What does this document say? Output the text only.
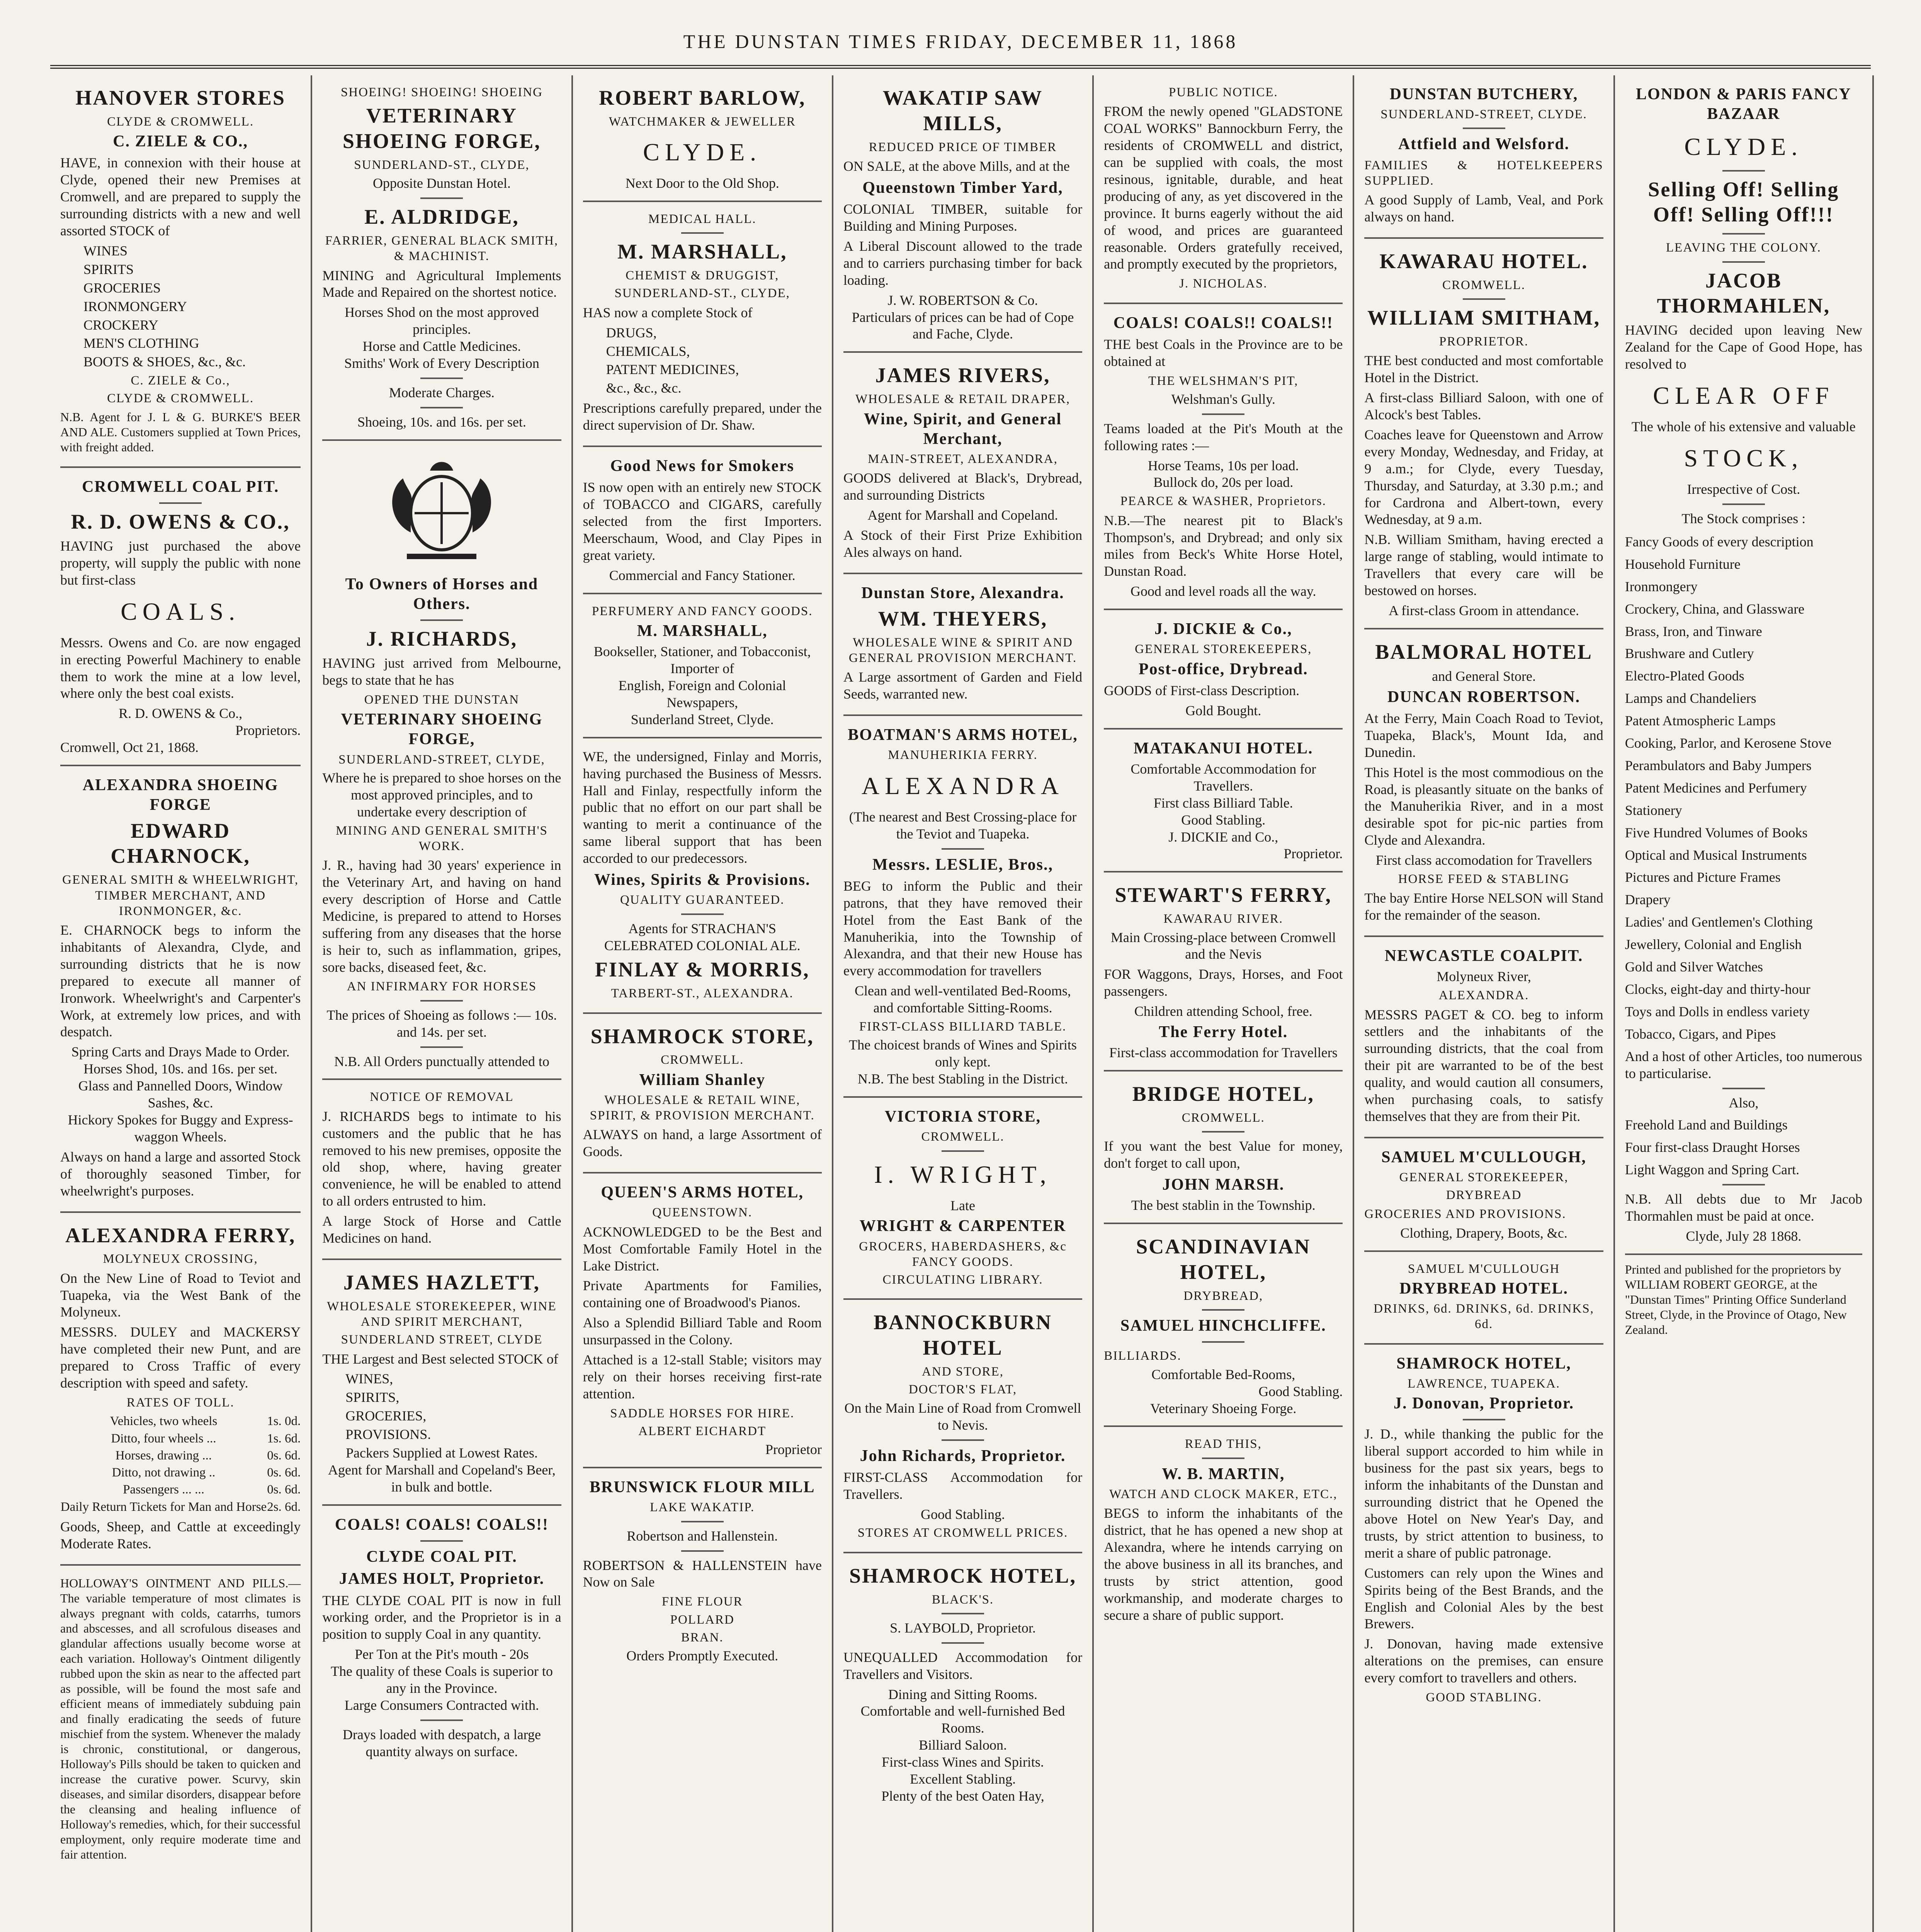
THE DUNSTAN TIMES FRIDAY, DECEMBER 11, 1868
HANOVER STORES
CLYDE & CROMWELL.
C. ZIELE & CO.,
HAVE, in connexion with their house at Clyde, opened their new Premises at Cromwell, and are prepared to supply the surrounding districts with a new and well assorted STOCK of
WINES
SPIRITS
GROCERIES
IRONMONGERY
CROCKERY
MEN'S CLOTHING
BOOTS & SHOES, &c., &c.
C. ZIELE & Co.,
CLYDE & CROMWELL.
N.B. Agent for J. L & G. BURKE'S BEER AND ALE. Customers supplied at Town Prices, with freight added.
CROMWELL COAL PIT.
R. D. OWENS & CO.,
HAVING just purchased the above property, will supply the public with none but first-class
COALS.
Messrs. Owens and Co. are now engaged in erecting Powerful Machinery to enable them to work the mine at a low level, where only the best coal exists.
R. D. OWENS & Co.,
Proprietors.
Cromwell, Oct 21, 1868.
ALEXANDRA SHOEING FORGE
EDWARD CHARNOCK,
GENERAL SMITH & WHEELWRIGHT, TIMBER MERCHANT, AND IRONMONGER, &c.
E. CHARNOCK begs to inform the inhabitants of Alexandra, Clyde, and surrounding districts that he is now prepared to execute all manner of Ironwork. Wheelwright's and Carpenter's Work, at extremely low prices, and with despatch.
Spring Carts and Drays Made to Order.
Horses Shod, 10s. and 16s. per set.
Glass and Pannelled Doors, Window Sashes, &c.
Hickory Spokes for Buggy and Express-waggon Wheels.
Always on hand a large and assorted Stock of thoroughly seasoned Timber, for wheelwright's purposes.
ALEXANDRA FERRY,
MOLYNEUX CROSSING,
On the New Line of Road to Teviot and Tuapeka, via the West Bank of the Molyneux.
MESSRS. DULEY and MACKERSY have completed their new Punt, and are prepared to Cross Traffic of every description with speed and safety.
RATES OF TOLL.
Vehicles, two wheels	1s. 0d.
Ditto, four wheels ...	1s. 6d.
Horses, drawing ...	0s. 6d.
Ditto, not drawing ..	0s. 6d.
Passengers ... ...	0s. 6d.
Daily Return Tickets for Man and Horse	2s. 6d.
Goods, Sheep, and Cattle at exceedingly Moderate Rates.
HOLLOWAY'S OINTMENT AND PILLS.—The variable temperature of most climates is always pregnant with colds, catarrhs, tumors and abscesses, and all scrofulous diseases and glandular affections usually become worse at each variation. Holloway's Ointment diligently rubbed upon the skin as near to the affected part as possible, will be found the most safe and efficient means of immediately subduing pain and finally eradicating the seeds of future mischief from the system. Whenever the malady is chronic, constitutional, or dangerous, Holloway's Pills should be taken to quicken and increase the curative power. Scurvy, skin diseases, and similar disorders, disappear before the cleansing and healing influence of Holloway's remedies, which, for their successful employment, only require moderate time and fair attention.
SHOEING! SHOEING! SHOEING
VETERINARY SHOEING FORGE,
SUNDERLAND-ST., CLYDE,
Opposite Dunstan Hotel.
E. ALDRIDGE,
FARRIER, GENERAL BLACK SMITH, & MACHINIST.
MINING and Agricultural Implements Made and Repaired on the shortest notice.
Horses Shod on the most approved principles.
Horse and Cattle Medicines.
Smiths' Work of Every Description
Moderate Charges.
Shoeing, 10s. and 16s. per set.
To Owners of Horses and Others.
J. RICHARDS,
HAVING just arrived from Melbourne, begs to state that he has
OPENED THE DUNSTAN
VETERINARY SHOEING FORGE,
SUNDERLAND-STREET, CLYDE,
Where he is prepared to shoe horses on the most approved principles, and to undertake every description of
MINING AND GENERAL SMITH'S WORK.
J. R., having had 30 years' experience in the Veterinary Art, and having on hand every description of Horse and Cattle Medicine, is prepared to attend to Horses suffering from any diseases that the horse is heir to, such as inflammation, gripes, sore backs, diseased feet, &c.
AN INFIRMARY FOR HORSES
The prices of Shoeing as follows :— 10s. and 14s. per set.
N.B. All Orders punctually attended to
NOTICE OF REMOVAL
J. RICHARDS begs to intimate to his customers and the public that he has removed to his new premises, opposite the old shop, where, having greater convenience, he will be enabled to attend to all orders entrusted to him.
A large Stock of Horse and Cattle Medicines on hand.
JAMES HAZLETT,
WHOLESALE STOREKEEPER, WINE AND SPIRIT MERCHANT,
SUNDERLAND STREET, CLYDE
THE Largest and Best selected STOCK of
WINES,
SPIRITS,
GROCERIES,
PROVISIONS.
Packers Supplied at Lowest Rates.
Agent for Marshall and Copeland's Beer, in bulk and bottle.
COALS! COALS! COALS!!
CLYDE COAL PIT.
JAMES HOLT, Proprietor.
THE CLYDE COAL PIT is now in full working order, and the Proprietor is in a position to supply Coal in any quantity.
Per Ton at the Pit's mouth - 20s
The quality of these Coals is superior to any in the Province.
Large Consumers Contracted with.
Drays loaded with despatch, a large quantity always on surface.
ROBERT BARLOW,
WATCHMAKER & JEWELLER
CLYDE.
Next Door to the Old Shop.
MEDICAL HALL.
M. MARSHALL,
CHEMIST & DRUGGIST,
SUNDERLAND-ST., CLYDE,
HAS now a complete Stock of
DRUGS,
CHEMICALS,
PATENT MEDICINES,
&c., &c., &c.
Prescriptions carefully prepared, under the direct supervision of Dr. Shaw.
Good News for Smokers
IS now open with an entirely new STOCK of TOBACCO and CIGARS, carefully selected from the first Importers. Meerschaum, Wood, and Clay Pipes in great variety.
Commercial and Fancy Stationer.
PERFUMERY AND FANCY GOODS.
M. MARSHALL,
Bookseller, Stationer, and Tobacconist, Importer of
English, Foreign and Colonial Newspapers,
Sunderland Street, Clyde.
WE, the undersigned, Finlay and Morris, having purchased the Business of Messrs. Hall and Finlay, respectfully inform the public that no effort on our part shall be wanting to merit a continuance of the same liberal support that has been accorded to our predecessors.
Wines, Spirits & Provisions.
QUALITY GUARANTEED.
Agents for STRACHAN'S CELEBRATED COLONIAL ALE.
FINLAY & MORRIS,
TARBERT-ST., ALEXANDRA.
SHAMROCK STORE,
CROMWELL.
William Shanley
WHOLESALE & RETAIL WINE, SPIRIT, & PROVISION MERCHANT.
ALWAYS on hand, a large Assortment of Goods.
QUEEN'S ARMS HOTEL,
QUEENSTOWN.
ACKNOWLEDGED to be the Best and Most Comfortable Family Hotel in the Lake District.
Private Apartments for Families, containing one of Broadwood's Pianos.
Also a Splendid Billiard Table and Room unsurpassed in the Colony.
Attached is a 12-stall Stable; visitors may rely on their horses receiving first-rate attention.
SADDLE HORSES FOR HIRE.
ALBERT EICHARDT
Proprietor
BRUNSWICK FLOUR MILL
LAKE WAKATIP.
Robertson and Hallenstein.
ROBERTSON & HALLENSTEIN have Now on Sale
FINE FLOUR
POLLARD
BRAN.
Orders Promptly Executed.
WAKATIP SAW MILLS,
REDUCED PRICE OF TIMBER
ON SALE, at the above Mills, and at the
Queenstown Timber Yard,
COLONIAL TIMBER, suitable for Building and Mining Purposes.
A Liberal Discount allowed to the trade and to carriers purchasing timber for back loading.
J. W. ROBERTSON & Co.
Particulars of prices can be had of Cope and Fache, Clyde.
JAMES RIVERS,
WHOLESALE & RETAIL DRAPER,
Wine, Spirit, and General Merchant,
MAIN-STREET, ALEXANDRA,
GOODS delivered at Black's, Drybread, and surrounding Districts
Agent for Marshall and Copeland.
A Stock of their First Prize Exhibition Ales always on hand.
Dunstan Store, Alexandra.
WM. THEYERS,
WHOLESALE WINE & SPIRIT AND GENERAL PROVISION MERCHANT.
A Large assortment of Garden and Field Seeds, warranted new.
BOATMAN'S ARMS HOTEL,
MANUHERIKIA FERRY.
ALEXANDRA
(The nearest and Best Crossing-place for the Teviot and Tuapeka.
Messrs. LESLIE, Bros.,
BEG to inform the Public and their patrons, that they have removed their Hotel from the East Bank of the Manuherikia, into the Township of Alexandra, and that their new House has every accommodation for travellers
Clean and well-ventilated Bed-Rooms, and comfortable Sitting-Rooms.
FIRST-CLASS BILLIARD TABLE.
The choicest brands of Wines and Spirits only kept.
N.B. The best Stabling in the District.
VICTORIA STORE,
CROMWELL.
I. WRIGHT,
Late
WRIGHT & CARPENTER
GROCERS, HABERDASHERS, &c FANCY GOODS.
CIRCULATING LIBRARY.
BANNOCKBURN HOTEL
AND STORE,
DOCTOR'S FLAT,
On the Main Line of Road from Cromwell to Nevis.
John Richards, Proprietor.
FIRST-CLASS Accommodation for Travellers.
Good Stabling.
STORES AT CROMWELL PRICES.
SHAMROCK HOTEL,
BLACK'S.
S. LAYBOLD, Proprietor.
UNEQUALLED Accommodation for Travellers and Visitors.
Dining and Sitting Rooms.
Comfortable and well-furnished Bed Rooms.
Billiard Saloon.
First-class Wines and Spirits.
Excellent Stabling.
Plenty of the best Oaten Hay,
PUBLIC NOTICE.
FROM the newly opened "GLADSTONE COAL WORKS" Bannockburn Ferry, the residents of CROMWELL and district, can be supplied with coals, the most resinous, ignitable, durable, and heat producing of any, as yet discovered in the province. It burns eagerly without the aid of wood, and prices are guaranteed reasonable. Orders gratefully received, and promptly executed by the proprietors,
J. NICHOLAS.
COALS! COALS!! COALS!!
THE best Coals in the Province are to be obtained at
THE WELSHMAN'S PIT,
Welshman's Gully.
Teams loaded at the Pit's Mouth at the following rates :—
Horse Teams, 10s per load.
Bullock do, 20s per load.
PEARCE & WASHER, Proprietors.
N.B.—The nearest pit to Black's Thompson's, and Drybread; and only six miles from Beck's White Horse Hotel, Dunstan Road.
Good and level roads all the way.
J. DICKIE & Co.,
GENERAL STOREKEEPERS,
Post-office, Drybread.
GOODS of First-class Description.
Gold Bought.
MATAKANUI HOTEL.
Comfortable Accommodation for Travellers.
First class Billiard Table.
Good Stabling.
J. DICKIE and Co.,
Proprietor.
STEWART'S FERRY,
KAWARAU RIVER.
Main Crossing-place between Cromwell and the Nevis
FOR Waggons, Drays, Horses, and Foot passengers.
Children attending School, free.
The Ferry Hotel.
First-class accommodation for Travellers
BRIDGE HOTEL,
CROMWELL.
If you want the best Value for money, don't forget to call upon,
JOHN MARSH.
The best stablin in the Township.
SCANDINAVIAN HOTEL,
DRYBREAD,
SAMUEL HINCHCLIFFE.
BILLIARDS.
Comfortable Bed-Rooms,
Good Stabling.
Veterinary Shoeing Forge.
READ THIS,
W. B. MARTIN,
WATCH AND CLOCK MAKER, ETC.,
BEGS to inform the inhabitants of the district, that he has opened a new shop at Alexandra, where he intends carrying on the above business in all its branches, and trusts by strict attention, good workmanship, and moderate charges to secure a share of public support.
DUNSTAN BUTCHERY,
SUNDERLAND-STREET, CLYDE.
Attfield and Welsford.
FAMILIES & HOTELKEEPERS SUPPLIED.
A good Supply of Lamb, Veal, and Pork always on hand.
KAWARAU HOTEL.
CROMWELL.
WILLIAM SMITHAM,
PROPRIETOR.
THE best conducted and most comfortable Hotel in the District.
A first-class Billiard Saloon, with one of Alcock's best Tables.
Coaches leave for Queenstown and Arrow every Monday, Wednesday, and Friday, at 9 a.m.; for Clyde, every Tuesday, Thursday, and Saturday, at 3.30 p.m.; and for Cardrona and Albert-town, every Wednesday, at 9 a.m.
N.B. William Smitham, having erected a large range of stabling, would intimate to Travellers that every care will be bestowed on horses.
A first-class Groom in attendance.
BALMORAL HOTEL
and General Store.
DUNCAN ROBERTSON.
At the Ferry, Main Coach Road to Teviot, Tuapeka, Black's, Mount Ida, and Dunedin.
This Hotel is the most commodious on the Road, is pleasantly situate on the banks of the Manuherikia River, and in a most desirable spot for pic-nic parties from Clyde and Alexandra.
First class accomodation for Travellers
HORSE FEED & STABLING
The bay Entire Horse NELSON will Stand for the remainder of the season.
NEWCASTLE COALPIT.
Molyneux River,
ALEXANDRA.
MESSRS PAGET & CO. beg to inform settlers and the inhabitants of the surrounding districts, that the coal from their pit are warranted to be of the best quality, and would caution all consumers, when purchasing coals, to satisfy themselves that they are from their Pit.
SAMUEL M'CULLOUGH,
GENERAL STOREKEEPER,
DRYBREAD
GROCERIES AND PROVISIONS.
Clothing, Drapery, Boots, &c.
SAMUEL M'CULLOUGH
DRYBREAD HOTEL.
DRINKS, 6d. DRINKS, 6d. DRINKS, 6d.
SHAMROCK HOTEL,
LAWRENCE, TUAPEKA.
J. Donovan, Proprietor.
J. D., while thanking the public for the liberal support accorded to him while in business for the past six years, begs to inform the inhabitants of the Dunstan and surrounding district that he Opened the above Hotel on New Year's Day, and trusts, by strict attention to business, to merit a share of public patronage.
Customers can rely upon the Wines and Spirits being of the Best Brands, and the English and Colonial Ales by the best Brewers.
J. Donovan, having made extensive alterations on the premises, can ensure every comfort to travellers and others.
GOOD STABLING.
LONDON & PARIS FANCY BAZAAR
CLYDE.
Selling Off! Selling Off! Selling Off!!!
LEAVING THE COLONY.
JACOB THORMAHLEN,
HAVING decided upon leaving New Zealand for the Cape of Good Hope, has resolved to
CLEAR OFF
The whole of his extensive and valuable
STOCK,
Irrespective of Cost.
The Stock comprises :
Fancy Goods of every description
Household Furniture
Ironmongery
Crockery, China, and Glassware
Brass, Iron, and Tinware
Brushware and Cutlery
Electro-Plated Goods
Lamps and Chandeliers
Patent Atmospheric Lamps
Cooking, Parlor, and Kerosene Stove
Perambulators and Baby Jumpers
Patent Medicines and Perfumery
Stationery
Five Hundred Volumes of Books
Optical and Musical Instruments
Pictures and Picture Frames
Drapery
Ladies' and Gentlemen's Clothing
Jewellery, Colonial and English
Gold and Silver Watches
Clocks, eight-day and thirty-hour
Toys and Dolls in endless variety
Tobacco, Cigars, and Pipes
And a host of other Articles, too numerous to particularise.
Also,
Freehold Land and Buildings
Four first-class Draught Horses
Light Waggon and Spring Cart.
N.B. All debts due to Mr Jacob Thormahlen must be paid at once.
Clyde, July 28 1868.
Printed and published for the proprietors by WILLIAM ROBERT GEORGE, at the "Dunstan Times" Printing Office Sunderland Street, Clyde, in the Province of Otago, New Zealand.
